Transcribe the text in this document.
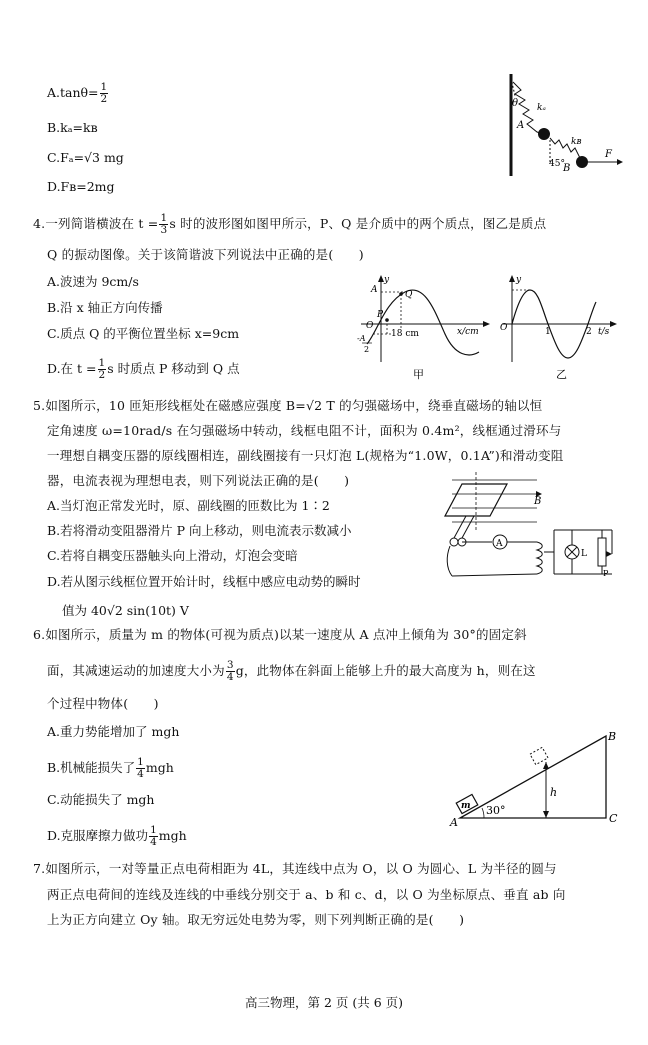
$A.\tan\theta= \frac{1}{2}$
B.kₐ=kʙ
C.Fₐ=√3 mg
D.Fʙ=2mg
θ kₐ
A
kʙ
45°
B
F
4.一列简谐横波在 $t = \frac{1}{3}$ s 时的波形图如图甲所示，P、Q 是介质中的两个质点，图乙是质点
Q 的振动图像。关于该简谐波下列说法中正确的是(　　)
A.波速为 9cm/s
B.沿 x 轴正方向传播
C.质点 Q 的平衡位置坐标 x=9cm
D.在 $t = \frac{1}{2}$ s 时质点 P 移动到 Q 点
A
y
O
-A
2
P
Q
18 cm	x/cm
甲
y
O	1	2 t/s
乙
5.如图所示，10 匝矩形线框处在磁感应强度 B=√2 T 的匀强磁场中，绕垂直磁场的轴以恒
定角速度 ω=10rad/s 在匀强磁场中转动，线框电阻不计，面积为 0.4m²，线框通过滑环与
一理想自耦变压器的原线圈相连，副线圈接有一只灯泡 L(规格为“1.0W，0.1A”)和滑动变阻
器，电流表视为理想电表，则下列说法正确的是(　　)
A.当灯泡正常发光时，原、副线圈的匝数比为 1∶2
B.若将滑动变阻器滑片 P 向上移动，则电流表示数减小
C.若将自耦变压器触头向上滑动，灯泡会变暗
D.若从图示线框位置开始计时，线框中感应电动势的瞬时
值为 40√2 sin(10t) V
B
A
L
P
6.如图所示，质量为 m 的物体(可视为质点)以某一速度从 A 点冲上倾角为 30°的固定斜
面，其减速运动的加速度大小为 $\frac{3}{4}$ g，此物体在斜面上能够上升的最大高度为 h，则在这
个过程中物体(　　)
A.重力势能增加了 mgh
B.机械能损失了 $\frac{1}{4}$ mgh
C.动能损失了 mgh
D.克服摩擦力做功 $\frac{1}{4}$ mgh
m 30°
h
A
B
C
7.如图所示，一对等量正点电荷相距为 4L，其连线中点为 O，以 O 为圆心、L 为半径的圆与
两正点电荷间的连线及连线的中垂线分别交于 a、b 和 c、d，以 O 为坐标原点、垂直 ab 向
上为正方向建立 Oy 轴。取无穷远处电势为零，则下列判断正确的是(　　)
高三物理，第 2 页 (共 6 页)
